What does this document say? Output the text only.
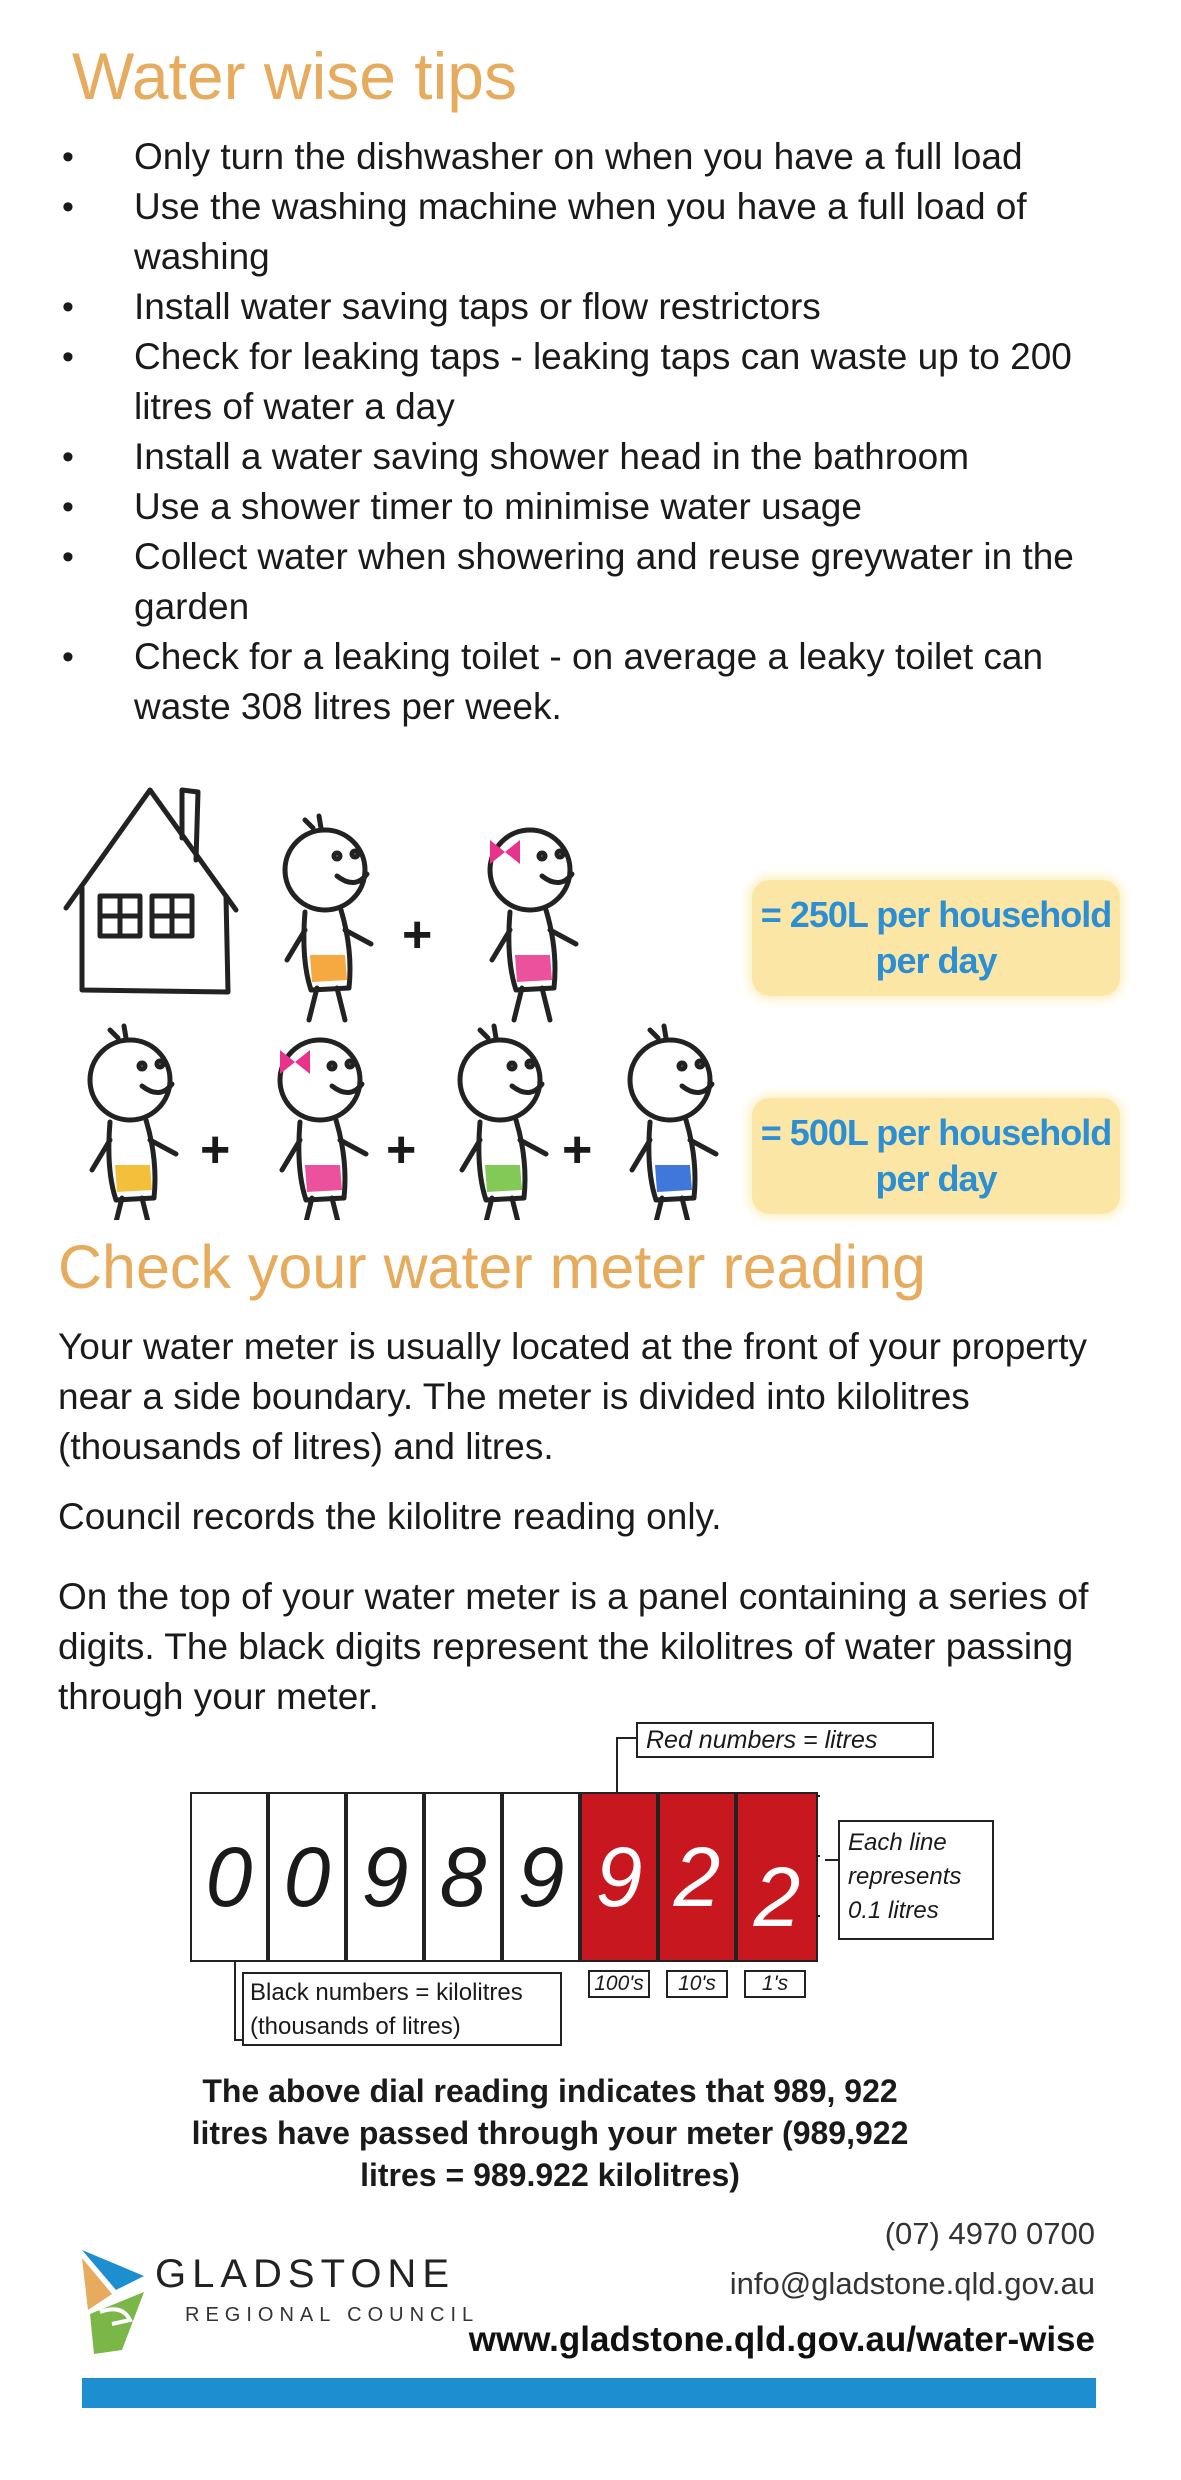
Water wise tips
• Only turn the dishwasher on when you have a full load
• Use the washing machine when you have a full load of washing
• Install water saving taps or flow restrictors
• Check for leaking taps - leaking taps can waste up to 200 litres of water a day
• Install a water saving shower head in the bathroom
• Use a shower timer to minimise water usage
• Collect water when showering and reuse greywater in the garden
• Check for a leaking toilet - on average a leaky toilet can waste 308 litres per week.
+
+	+	+
= 250L per household per day
= 500L per household per day
Check your water meter reading

Your water meter is usually located at the front of your property near a side boundary. The meter is divided into kilolitres (thousands of litres) and litres.

Council records the kilolitre reading only.

On the top of your water meter is a panel containing a series of digits. The black digits represent the kilolitres of water passing through your meter.

Red numbers = litres
0 0 9 8 9 9 2 2
Each line represents 0.1 litres
100's	10's	1's
Black numbers = kilolitres (thousands of litres)
The above dial reading indicates that 989, 922 litres have passed through your meter (989,922 litres = 989.922 kilolitres)
GLADSTONE
REGIONAL COUNCIL
(07) 4970 0700
info@gladstone.qld.gov.au
www.gladstone.qld.gov.au/water-wise
